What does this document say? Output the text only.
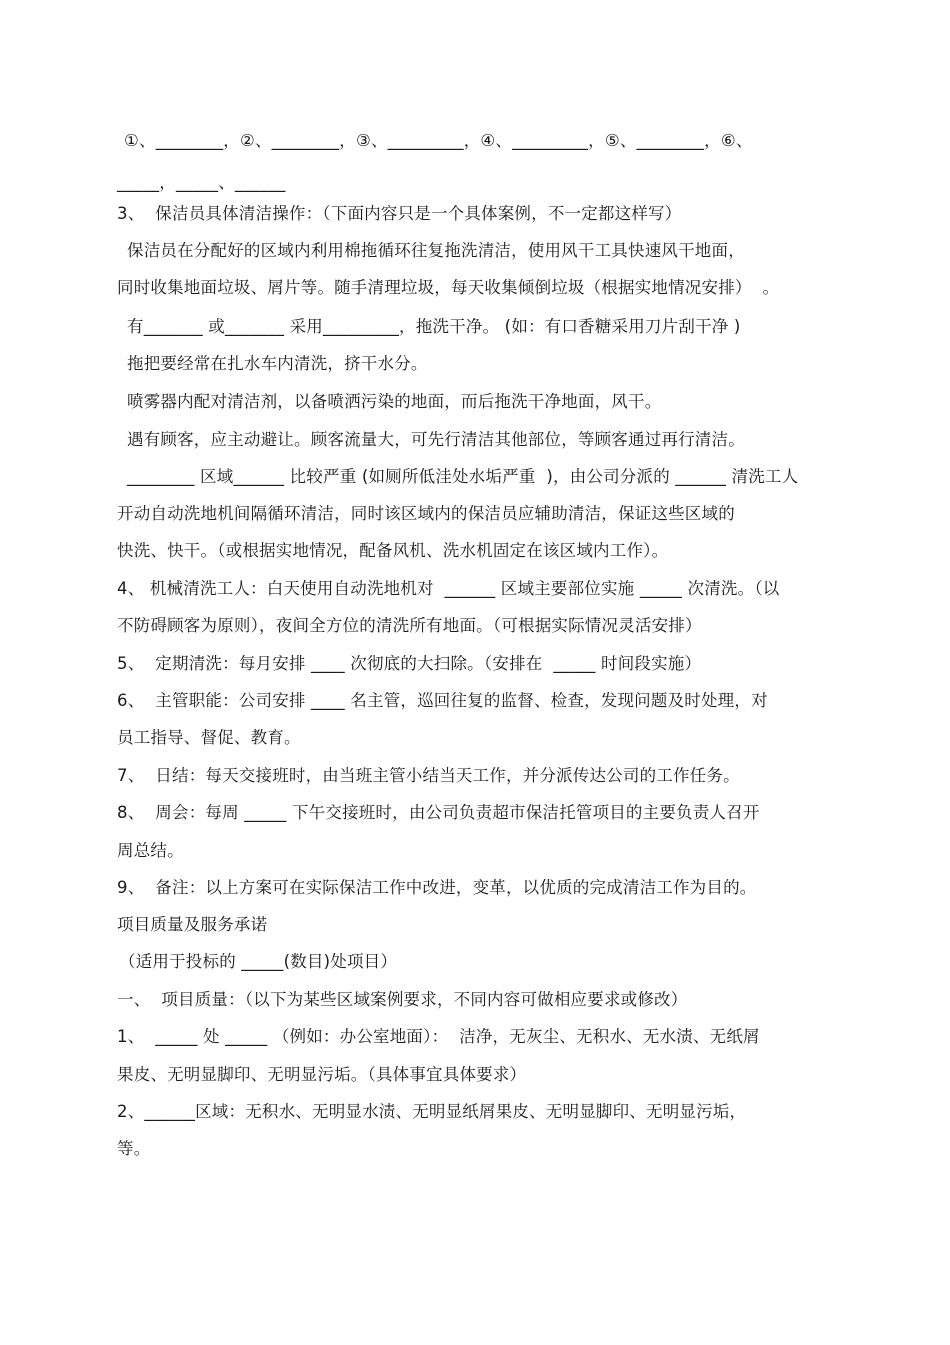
①、________，②、________，③、_________，④、_________，⑤、________，⑥、
_____，_____、______
3、  保洁员具体清洁操作：（下面内容只是一个具体案例，不一定都这样写）
保洁员在分配好的区域内利用棉拖循环往复拖洗清洁，使用风干工具快速风干地面，
同时收集地面垃圾、屑片等。随手清理垃圾，每天收集倾倒垃圾（根据实地情况安排）  。
有_______ 或_______ 采用_________，拖洗干净。 (如：有口香糖采用刀片刮干净 )
拖把要经常在扎水车内清洗，挤干水分。
喷雾器内配对清洁剂，以备喷洒污染的地面，而后拖洗干净地面，风干。
遇有顾客，应主动避让。顾客流量大，可先行清洁其他部位，等顾客通过再行清洁。
________ 区域______ 比较严重 (如厕所低洼处水垢严重  )，由公司分派的 ______ 清洗工人
开动自动洗地机间隔循环清洁，同时该区域内的保洁员应辅助清洁，保证这些区域的
快洗、快干。（或根据实地情况，配备风机、洗水机固定在该区域内工作）。
4、 机械清洗工人：白天使用自动洗地机对  ______ 区域主要部位实施 _____ 次清洗。（以
不防碍顾客为原则），夜间全方位的清洗所有地面。（可根据实际情况灵活安排）
5、  定期清洗：每月安排 ____ 次彻底的大扫除。（安排在  _____ 时间段实施）
6、  主管职能：公司安排 ____ 名主管，巡回往复的监督、检查，发现问题及时处理，对
员工指导、督促、教育。
7、  日结：每天交接班时，由当班主管小结当天工作，并分派传达公司的工作任务。
8、  周会：每周 _____ 下午交接班时，由公司负责超市保洁托管项目的主要负责人召开
周总结。
9、  备注：以上方案可在实际保洁工作中改进，变革，以优质的完成清洁工作为目的。
项目质量及服务承诺
（适用于投标的 _____(数目)处项目）
一、  项目质量：（以下为某些区域案例要求，不同内容可做相应要求或修改）
1、  _____ 处 _____ （例如：办公室地面）：  洁净，无灰尘、无积水、无水渍、无纸屑
果皮、无明显脚印、无明显污垢。（具体事宜具体要求）
2、______区域：无积水、无明显水渍、无明显纸屑果皮、无明显脚印、无明显污垢，
等。
